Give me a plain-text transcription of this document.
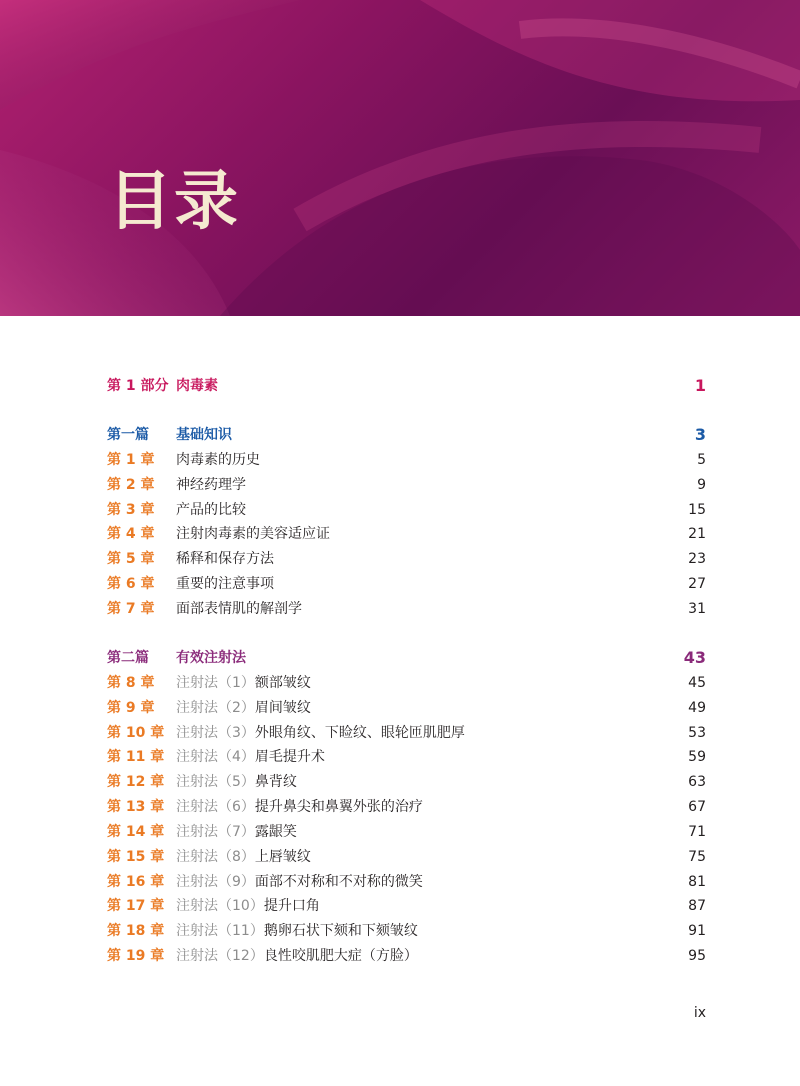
目录
第 1 部分 肉毒素	1
第一篇 基础知识	3
第 1 章 肉毒素的历史	5
第 2 章 神经药理学	9
第 3 章 产品的比较	15
第 4 章 注射肉毒素的美容适应证	21
第 5 章 稀释和保存方法	23
第 6 章 重要的注意事项	27
第 7 章 面部表情肌的解剖学	31
第二篇 有效注射法	43
第 8 章 注射法（1）额部皱纹	45
第 9 章 注射法（2）眉间皱纹	49
第 10 章 注射法（3）外眼角纹、下睑纹、眼轮匝肌肥厚	53
第 11 章 注射法（4）眉毛提升术	59
第 12 章 注射法（5）鼻背纹	63
第 13 章 注射法（6）提升鼻尖和鼻翼外张的治疗	67
第 14 章 注射法（7）露龈笑	71
第 15 章 注射法（8）上唇皱纹	75
第 16 章 注射法（9）面部不对称和不对称的微笑	81
第 17 章 注射法（10）提升口角	87
第 18 章 注射法（11）鹅卵石状下颏和下颏皱纹	91
第 19 章 注射法（12）良性咬肌肥大症（方脸）	95
ix
